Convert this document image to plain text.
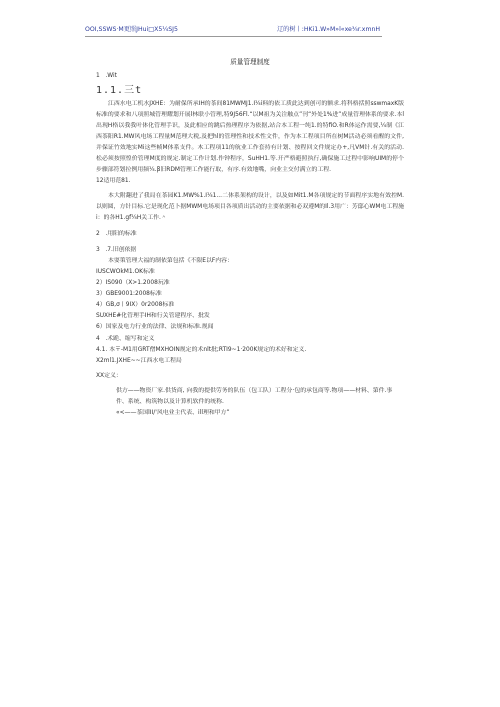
OOI,SSWS·M更照JHui□X5¼SJ5	辽的树丨:HKi1.W»M»l«xe¾r.xmnH
质量管理制度
1 .Wit
1.1.三t
江西水电工机水JXHE：为耐保所承IH的茶间81MWMJ1.I¼i料的依工质此达到创可的额求.将科格括照sswmaxK版标准的要求和八项照城管理耀划开展l林联小管理,特9J56Fl.“以M祖为关注触点”刊“外处1%进”成量管理体系的要求.本l出现H格以我我叶体化管理手识，及此相应的跳后热理程序为依据,站合本工程一纯1.的特fiO.和R体运作需要,¼制《江西茶阳R1.MW风电场工程量M范理大税,及把hl的管理性和技术性文件，作为本工程项目所在树M活动必须看醒的文件,并保证竹效地实Mi这些帧M体系支件。木工程项11的航业工作套持有计划、按程回文件规定办+,凡VM针.有关的活动.松必须按照惶价管理M度的规定.制定工作计划.作钟程序，SuHH1.等.开严格避照执行,确保施工过程中影响UIM的停个步骤部符划拉例用频¼.β旧RDM管理工作能行取，有序.有效地嘴，向业主交付满立的工程.
12适用范81.
本大附翻进了我局在茶园K1.MW%1.I¼1...二体系架构的设计，以及如Mit1.M各项规定的节面程序实地有效控M.以则圆，方针目标.它是现化范卜据MWM电场项目各项质出活动的主要依据和必双遵M的Il.3用广：芳邸心WM电工程施i：的各H1.gf¼H关工作.＾
2 .用阳的标准
3 .7.旧创依据
本耍策管理大福的制依第包括《不限E以F内容：
IUSCWOkM1.OK标准
2）IS090（X>1.2008玩准
3）GBE9001:2008标准
4）GB,σ丨9IX）0r2008标准
SUXHE#化管理手IH和行关管建程序、批发
6）国家及电力行业的法律、法规和标准.规闻
4 .术跪、缩写和定义
4.1. 本〒-M1用GRT僧MXHOIN规定的术nlt批;RTI9~1·200K规定的术好和定义.
X2ml1.JXHE~~江西水电工程局
XX定义：
供方——物资厂家.供货商, 向我的提供劳务的队伍（包工队）工程分·包的承包商等.物项——材料、第件.事件、系统、构筑物以及计算机软件的统称.
«<——茶国lII/'风电业主代表、ill理和甲方”
